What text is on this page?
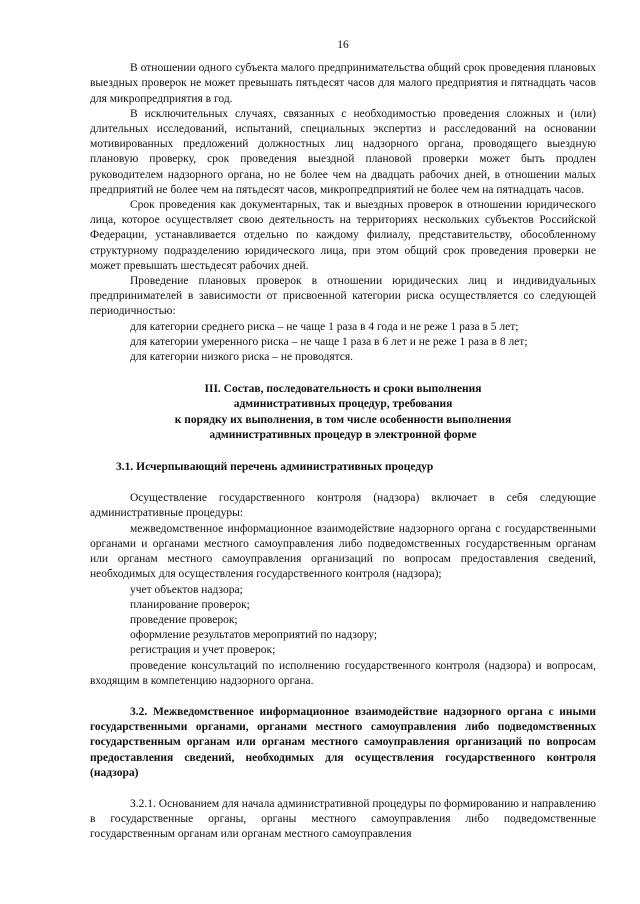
16

В отношении одного субъекта малого предпринимательства общий срок проведения плановых выездных проверок не может превышать пятьдесят часов для малого предприятия и пятнадцать часов для микропредприятия в год.

В исключительных случаях, связанных с необходимостью проведения сложных и (или) длительных исследований, испытаний, специальных экспертиз и расследований на основании мотивированных предложений должностных лиц надзорного органа, проводящего выездную плановую проверку, срок проведения выездной плановой проверки может быть продлен руководителем надзорного органа, но не более чем на двадцать рабочих дней, в отношении малых предприятий не более чем на пятьдесят часов, микропредприятий не более чем на пятнадцать часов.

Срок проведения как документарных, так и выездных проверок в отношении юридического лица, которое осуществляет свою деятельность на территориях нескольких субъектов Российской Федерации, устанавливается отдельно по каждому филиалу, представительству, обособленному структурному подразделению юридического лица, при этом общий срок проведения проверки не может превышать шестьдесят рабочих дней.

Проведение плановых проверок в отношении юридических лиц и индивидуальных предпринимателей в зависимости от присвоенной категории риска осуществляется со следующей периодичностью:

для категории среднего риска – не чаще 1 раза в 4 года и не реже 1 раза в 5 лет;

для категории умеренного риска – не чаще 1 раза в 6 лет и не реже 1 раза в 8 лет;

для категории низкого риска – не проводятся.

III. Состав, последовательность и сроки выполнения

административных процедур, требования

к порядку их выполнения, в том числе особенности выполнения

административных процедур в электронной форме

3.1. Исчерпывающий перечень административных процедур

Осуществление государственного контроля (надзора) включает в себя следующие административные процедуры:

межведомственное информационное взаимодействие надзорного органа с государственными органами и органами местного самоуправления либо подведомственных государственным органам или органам местного самоуправления организаций по вопросам предоставления сведений, необходимых для осуществления государственного контроля (надзора);

учет объектов надзора;

планирование проверок;

проведение проверок;

оформление результатов мероприятий по надзору;

регистрация и учет проверок;

проведение консультаций по исполнению государственного контроля (надзора) и вопросам, входящим в компетенцию надзорного органа.

3.2. Межведомственное информационное взаимодействие надзорного органа с иными государственными органами, органами местного самоуправления либо подведомственных государственным органам или органам местного самоуправления организаций по вопросам предоставления сведений, необходимых для осуществления государственного контроля (надзора)

3.2.1. Основанием для начала административной процедуры по формированию и направлению в государственные органы, органы местного самоуправления либо подведомственные государственным органам или органам местного самоуправления
